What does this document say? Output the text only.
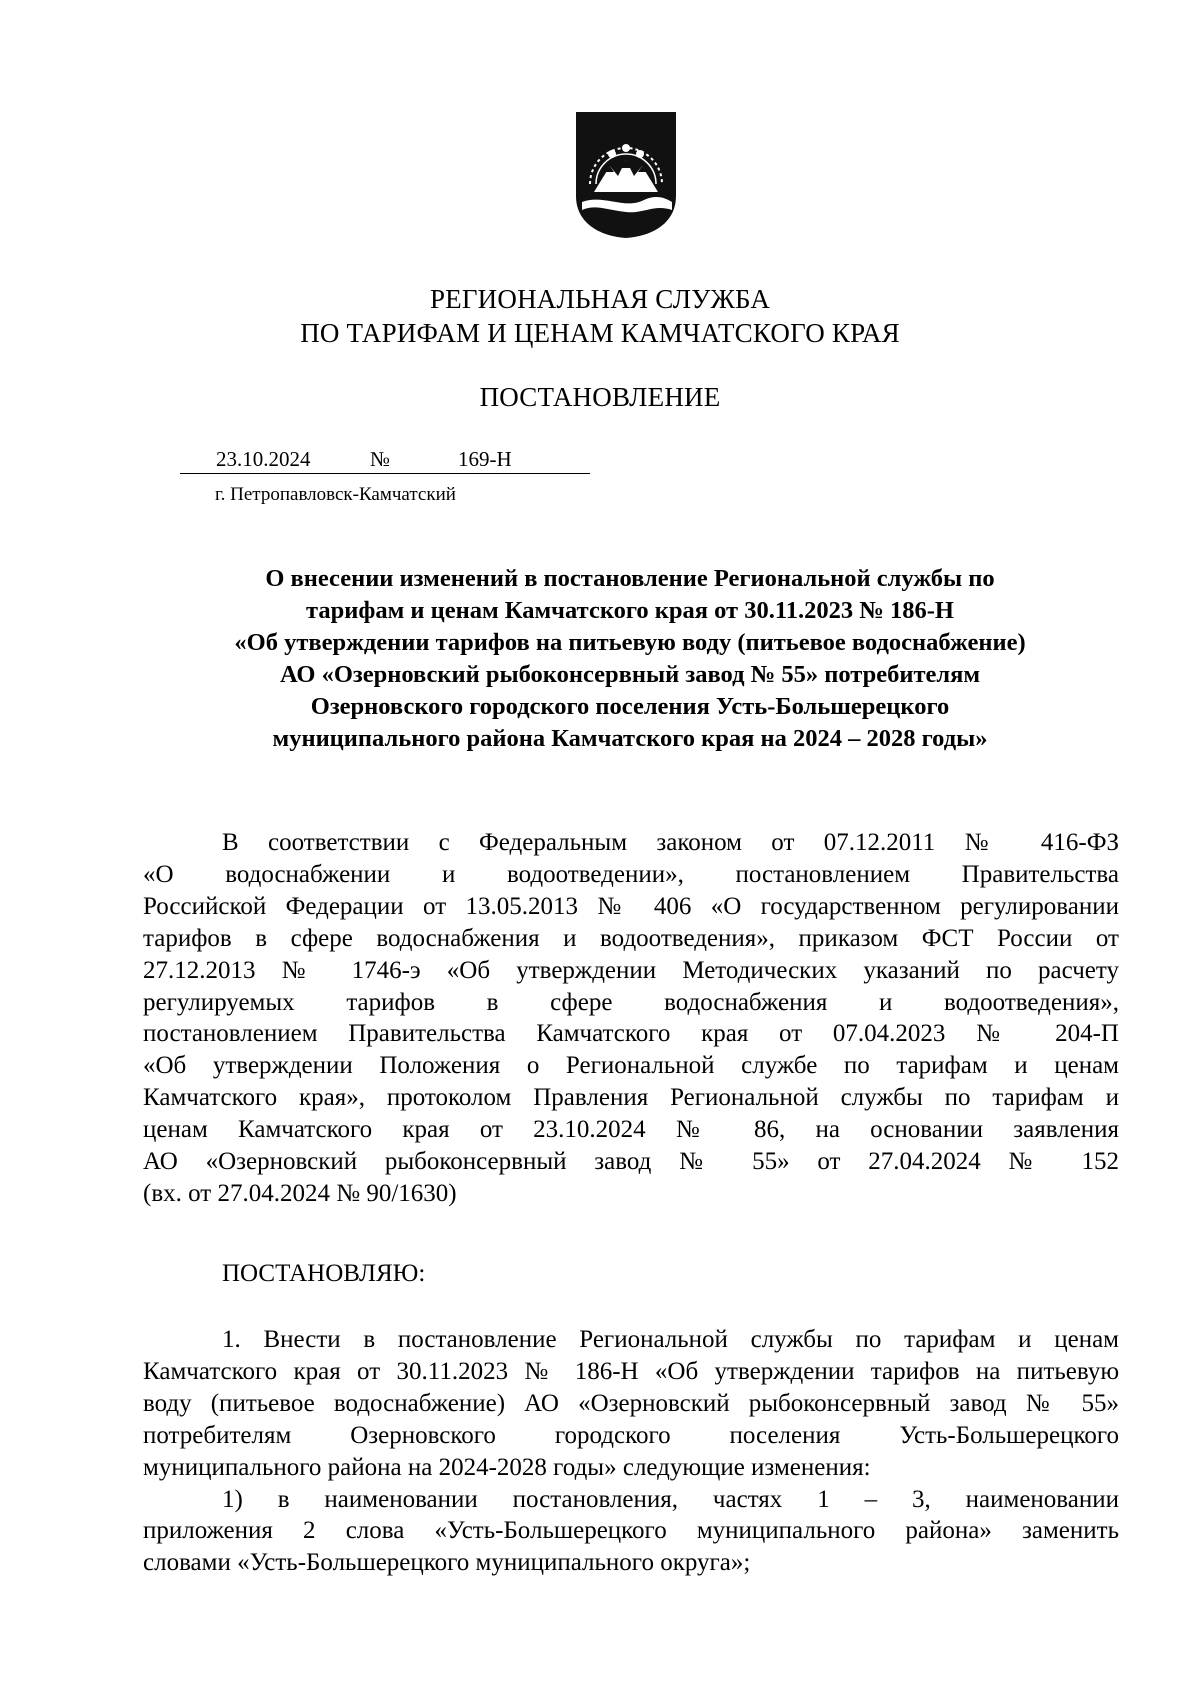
РЕГИОНАЛЬНАЯ СЛУЖБА
ПО ТАРИФАМ И ЦЕНАМ КАМЧАТСКОГО КРАЯ
ПОСТАНОВЛЕНИЕ
23.10.2024	№	169-Н
г. Петропавловск-Камчатский
О внесении изменений в постановление Региональной службы по
тарифам и ценам Камчатского края от 30.11.2023 № 186-Н
«Об утверждении тарифов на питьевую воду (питьевое водоснабжение)
АО «Озерновский рыбоконсервный завод № 55» потребителям
Озерновского городского поселения Усть-Большерецкого
муниципального района Камчатского края на 2024 – 2028 годы»
В соответствии с Федеральным законом от 07.12.2011 № 416-ФЗ
«О водоснабжении и водоотведении», постановлением Правительства
Российской Федерации от 13.05.2013 № 406 «О государственном регулировании
тарифов в сфере водоснабжения и водоотведения», приказом ФСТ России от
27.12.2013 № 1746-э «Об утверждении Методических указаний по расчету
регулируемых тарифов в сфере водоснабжения и водоотведения»,
постановлением Правительства Камчатского края от 07.04.2023 № 204-П
«Об утверждении Положения о Региональной службе по тарифам и ценам
Камчатского края», протоколом Правления Региональной службы по тарифам и
ценам Камчатского края от 23.10.2024 № 86, на основании заявления
АО «Озерновский рыбоконсервный завод № 55» от 27.04.2024 № 152
(вх. от 27.04.2024 № 90/1630)
ПОСТАНОВЛЯЮ:
1. Внести в постановление Региональной службы по тарифам и ценам
Камчатского края от 30.11.2023 № 186-Н «Об утверждении тарифов на питьевую
воду (питьевое водоснабжение) АО «Озерновский рыбоконсервный завод № 55»
потребителям Озерновского городского поселения Усть-Большерецкого
муниципального района на 2024-2028 годы» следующие изменения:
1) в наименовании постановления, частях 1 – 3, наименовании
приложения 2 слова «Усть-Большерецкого муниципального района» заменить
словами «Усть-Большерецкого муниципального округа»;
